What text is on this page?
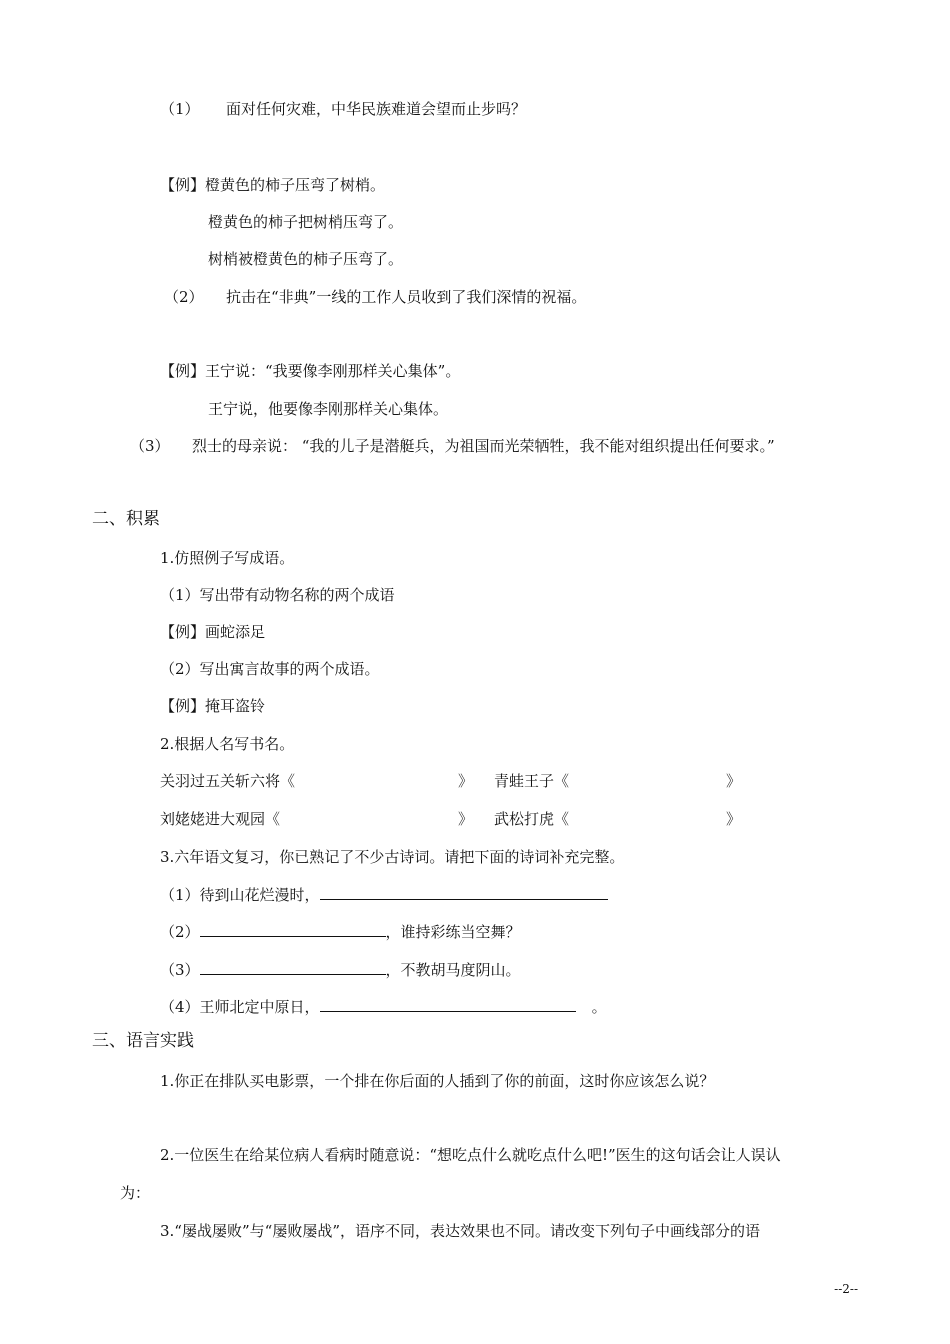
（1） 面对任何灾难，中华民族难道会望而止步吗？
【例】橙黄色的柿子压弯了树梢。
橙黄色的柿子把树梢压弯了。
树梢被橙黄色的柿子压弯了。
（2） 抗击在“非典”一线的工作人员收到了我们深情的祝福。
【例】王宁说：“我要像李刚那样关心集体”。
王宁说，他要像李刚那样关心集体。
（3） 烈士的母亲说： “我的儿子是潜艇兵，为祖国而光荣牺牲，我不能对组织提出任何要求。”
二、积累
1.仿照例子写成语。
（1）写出带有动物名称的两个成语
【例】画蛇添足
（2）写出寓言故事的两个成语。
【例】掩耳盗铃
2.根据人名写书名。
关羽过五关斩六将《	》 青蛙王子《	》
刘姥姥进大观园《	》 武松打虎《	》
3.六年语文复习，你已熟记了不少古诗词。请把下面的诗词补充完整。
（1）待到山花烂漫时，
（2）	，谁持彩练当空舞？
（3）	，不教胡马度阴山。
（4）王师北定中原日，	。
三、语言实践
1.你正在排队买电影票，一个排在你后面的人插到了你的前面，这时你应该怎么说？
2.一位医生在给某位病人看病时随意说：“想吃点什么就吃点什么吧!”医生的这句话会让人误认
为：
3.“屡战屡败”与“屡败屡战”，语序不同，表达效果也不同。请改变下列句子中画线部分的语
--2--
